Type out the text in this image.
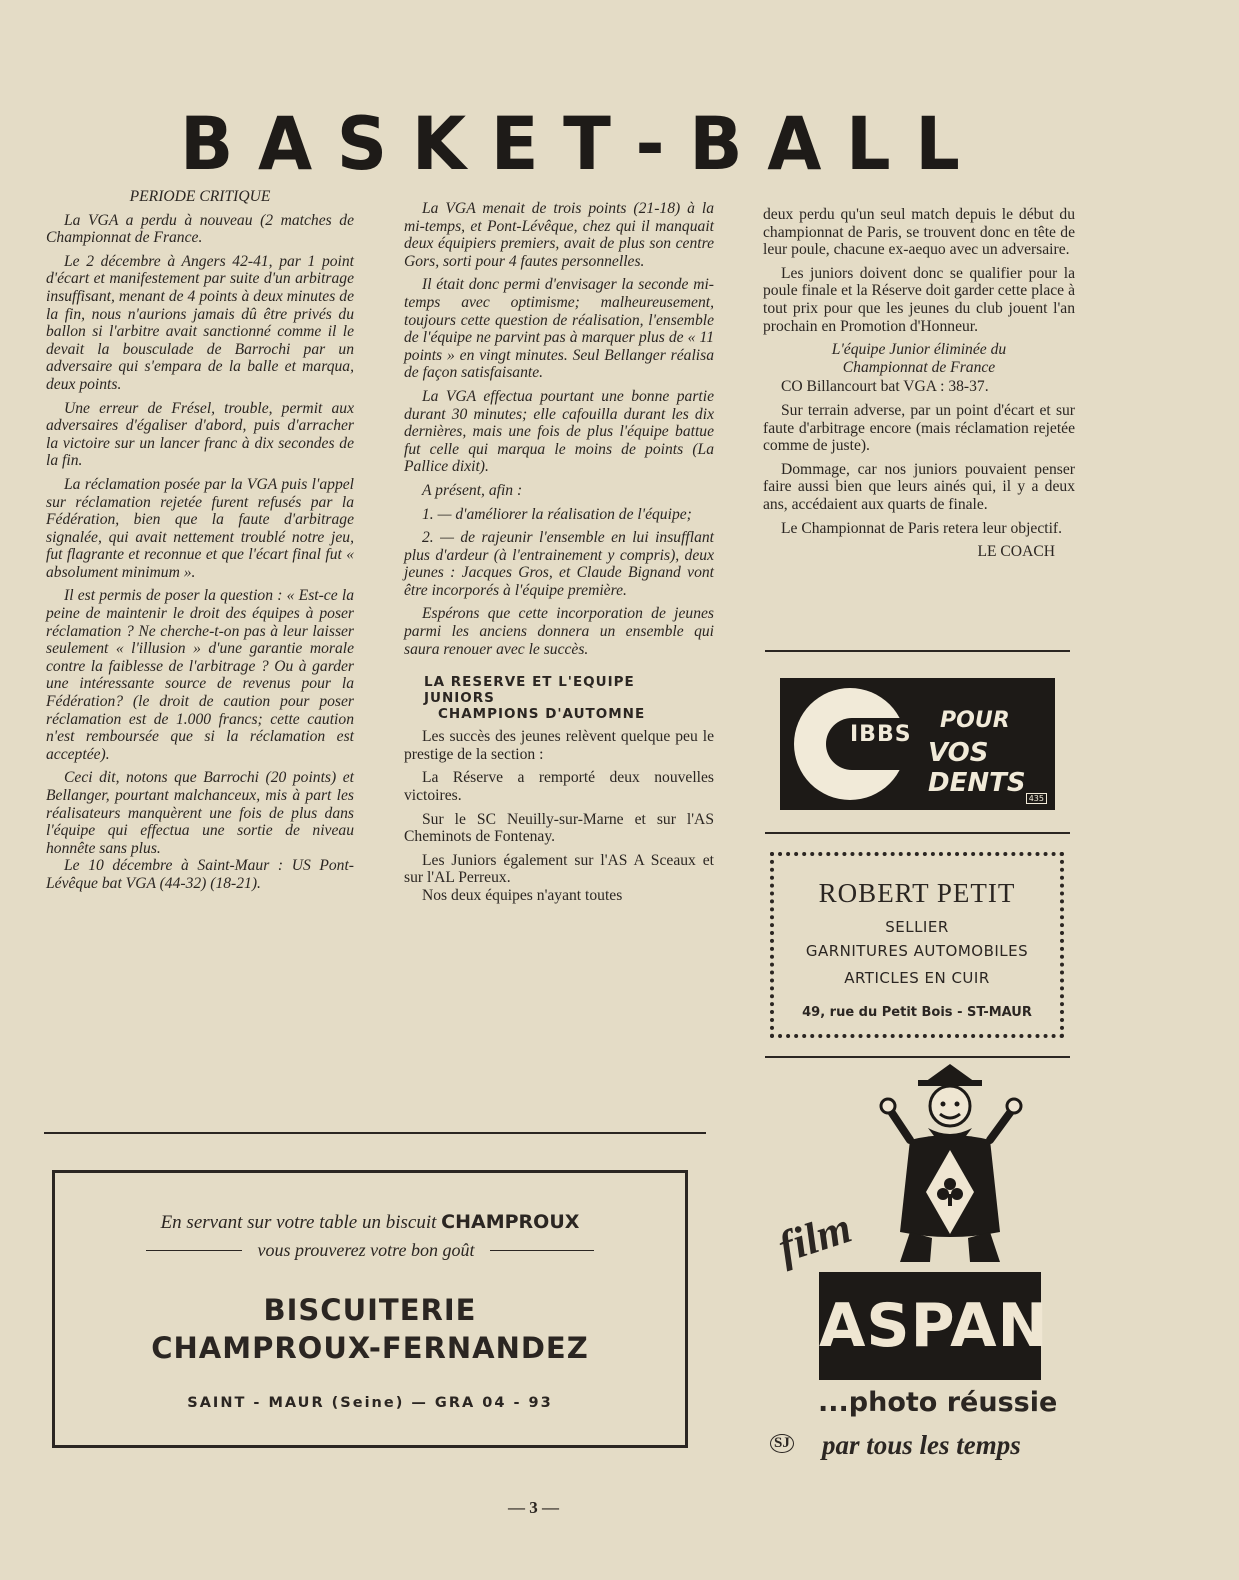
B A S K E T - B A L L
PERIODE CRITIQUE

La VGA a perdu à nouveau (2 matches de Championnat de France.

Le 2 décembre à Angers 42-41, par 1 point d'écart et manifestement par suite d'un arbitrage insuffisant, menant de 4 points à deux minutes de la fin, nous n'aurions jamais dû être privés du ballon si l'arbitre avait sanctionné comme il le devait la bousculade de Barrochi par un adversaire qui s'empara de la balle et marqua, deux points.

Une erreur de Frésel, trouble, permit aux adversaires d'égaliser d'abord, puis d'arracher la victoire sur un lancer franc à dix secondes de la fin.

La réclamation posée par la VGA puis l'appel sur réclamation rejetée furent refusés par la Fédération, bien que la faute d'arbitrage signalée, qui avait nettement troublé notre jeu, fut flagrante et reconnue et que l'écart final fut « absolument minimum ».

Il est permis de poser la question : « Est-ce la peine de maintenir le droit des équipes à poser réclamation ? Ne cherche-t-on pas à leur laisser seulement « l'illusion » d'une garantie morale contre la faiblesse de l'arbitrage ? Ou à garder une intéressante source de revenus pour la Fédération? (le droit de caution pour poser réclamation est de 1.000 francs; cette caution n'est remboursée que si la réclamation est acceptée).

Ceci dit, notons que Barrochi (20 points) et Bellanger, pourtant malchanceux, mis à part les réalisateurs manquèrent une fois de plus dans l'équipe qui effectua une sortie de niveau honnête sans plus.

Le 10 décembre à Saint-Maur : US Pont-Lévêque bat VGA (44-32) (18-21).

La VGA menait de trois points (21-18) à la mi-temps, et Pont-Lévêque, chez qui il manquait deux équipiers premiers, avait de plus son centre Gors, sorti pour 4 fautes personnelles.

Il était donc permi d'envisager la seconde mi-temps avec optimisme; malheureusement, toujours cette question de réalisation, l'ensemble de l'équipe ne parvint pas à marquer plus de « 11 points » en vingt minutes. Seul Bellanger réalisa de façon satisfaisante.

La VGA effectua pourtant une bonne partie durant 30 minutes; elle cafouilla durant les dix dernières, mais une fois de plus l'équipe battue fut celle qui marqua le moins de points (La Pallice dixit).

A présent, afin :

1. — d'améliorer la réalisation de l'équipe;

2. — de rajeunir l'ensemble en lui insufflant plus d'ardeur (à l'entrainement y compris), deux jeunes : Jacques Gros, et Claude Bignand vont être incorporés à l'équipe première.

Espérons que cette incorporation de jeunes parmi les anciens donnera un ensemble qui saura renouer avec le succès.

LA RESERVE ET L'EQUIPE
JUNIORS
CHAMPIONS D'AUTOMNE

Les succès des jeunes relèvent quelque peu le prestige de la section :

La Réserve a remporté deux nouvelles victoires.

Sur le SC Neuilly-sur-Marne et sur l'AS Cheminots de Fontenay.

Les Juniors également sur l'AS A Sceaux et sur l'AL Perreux.

Nos deux équipes n'ayant toutes

deux perdu qu'un seul match depuis le début du championnat de Paris, se trouvent donc en tête de leur poule, chacune ex-aequo avec un adversaire.

Les juniors doivent donc se qualifier pour la poule finale et la Réserve doit garder cette place à tout prix pour que les jeunes du club jouent l'an prochain en Promotion d'Honneur.

L'équipe Junior éliminée du
Championnat de France

CO Billancourt bat VGA : 38-37.

Sur terrain adverse, par un point d'écart et sur faute d'arbitrage encore (mais réclamation rejetée comme de juste).

Dommage, car nos juniors pouvaient penser faire aussi bien que leurs ainés qui, il y a deux ans, accédaient aux quarts de finale.

Le Championnat de Paris retera leur objectif.

LE COACH

IBBS
POUR
VOS DENTS
435
ROBERT PETIT
SELLIER
GARNITURES AUTOMOBILES
ARTICLES EN CUIR
49, rue du Petit Bois - ST-MAUR
En servant sur votre table un biscuit CHAMPROUX
vous prouverez votre bon goût
BISCUITERIE
CHAMPROUX-FERNANDEZ
SAINT - MAUR (Seine) — GRA 04 - 93
film
ASPAN
...photo réussie
SJ par tous les temps
— 3 —
